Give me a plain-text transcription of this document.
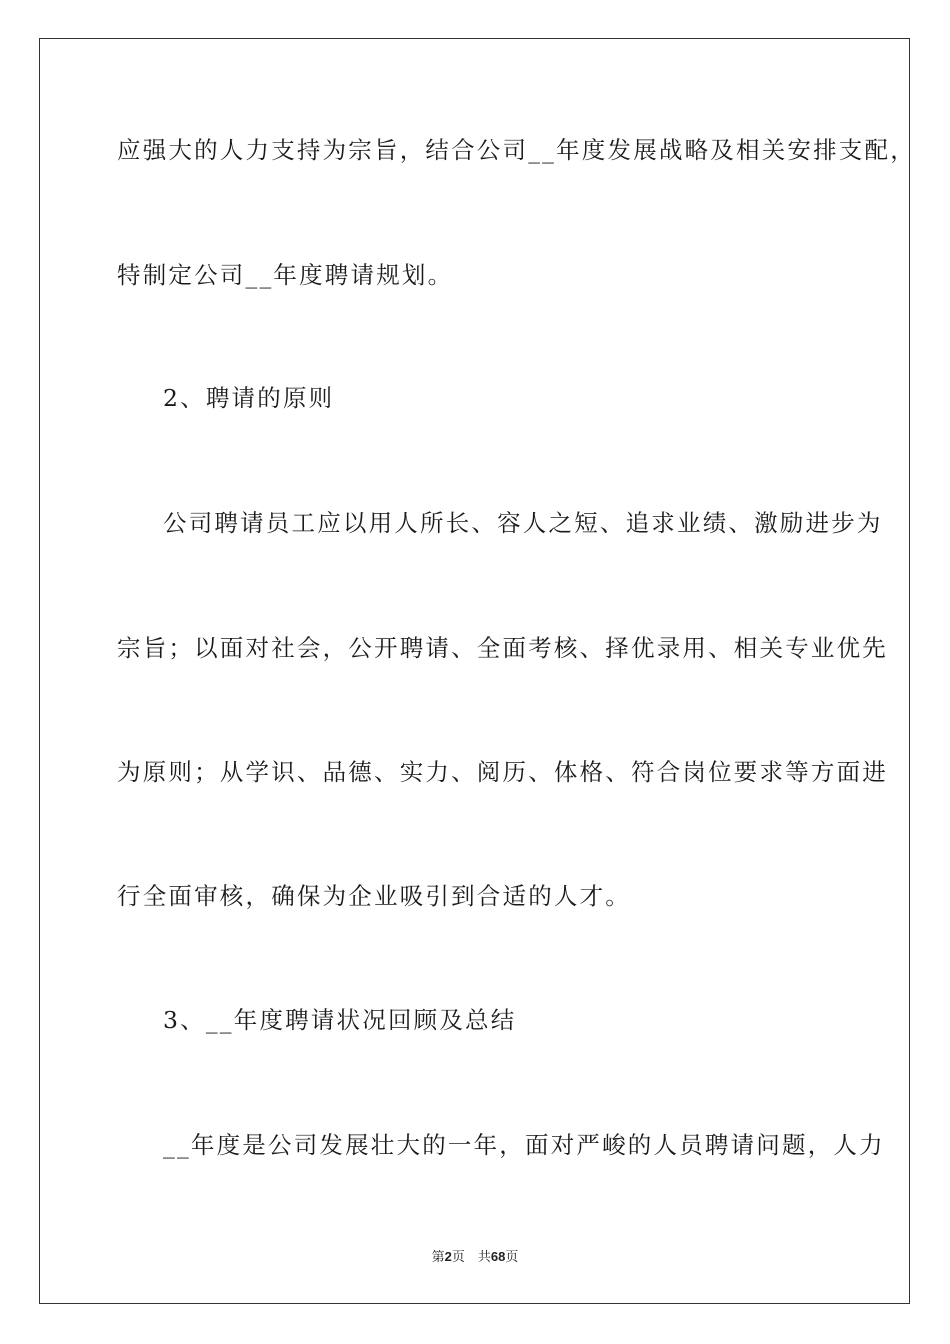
应强大的人力支持为宗旨，结合公司__年度发展战略及相关安排支配，
特制定公司__年度聘请规划。
2、聘请的原则
公司聘请员工应以用人所长、容人之短、追求业绩、激励进步为
宗旨；以面对社会，公开聘请、全面考核、择优录用、相关专业优先
为原则；从学识、品德、实力、阅历、体格、符合岗位要求等方面进
行全面审核，确保为企业吸引到合适的人才。
3、__年度聘请状况回顾及总结
__年度是公司发展壮大的一年，面对严峻的人员聘请问题，人力
第2页　共68页
